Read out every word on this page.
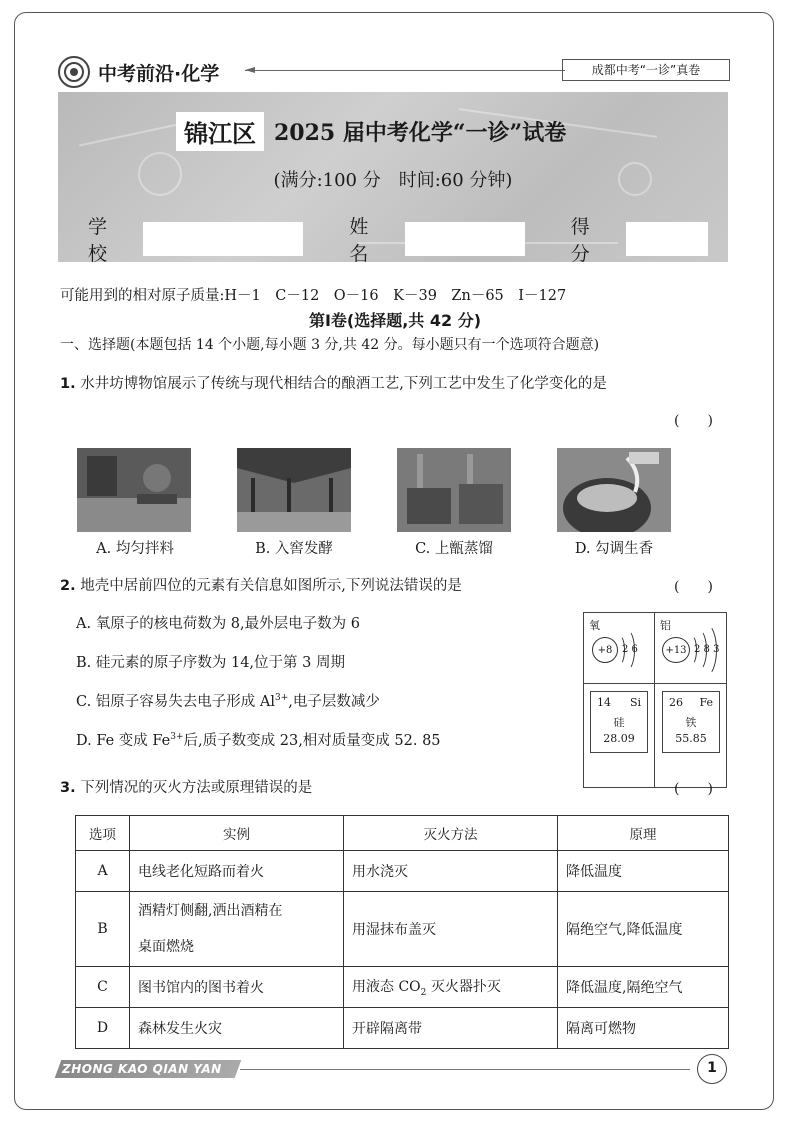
中考前沿·化学	成都中考“一诊”真卷
锦江区 2025 届中考化学“一诊”试卷
(满分:100 分　时间:60 分钟)
学校
姓名
得分
可能用到的相对原子质量:H－1　C－12　O－16　K－39　Zn－65　I－127
第Ⅰ卷(选择题,共 42 分)
一、选择题(本题包括 14 个小题,每小题 3 分,共 42 分。每小题只有一个选项符合题意)
1. 水井坊博物馆展示了传统与现代相结合的酿酒工艺,下列工艺中发生了化学变化的是
(　　)
A. 均匀拌料	B. 入窖发酵	C. 上甑蒸馏	D. 勾调生香
2. 地壳中居前四位的元素有关信息如图所示,下列说法错误的是	(　　)
A. 氧原子的核电荷数为 8,最外层电子数为 6
B. 硅元素的原子序数为 14,位于第 3 周期
C. 铝原子容易失去电子形成 $Al^{3+}$,电子层数减少
D. Fe 变成 $Fe^{3+}$后,质子数变成 23,相对质量变成 52. 85
氧
+8 2 6
铝
+13 2 8 3
14 Si
硅
28.09
26 Fe
铁
55.85
3. 下列情况的灭火方法或原理错误的是	(　　)
选项	实例	灭火方法	原理
A	电线老化短路而着火	用水浇灭	降低温度
B	酒精灯侧翻,洒出酒精在
桌面燃烧	用湿抹布盖灭	隔绝空气,降低温度
C	图书馆内的图书着火	用液态 $CO_2$ 灭火器扑灭	降低温度,隔绝空气
D	森林发生火灾	开辟隔离带	隔离可燃物
ZHONG KAO QIAN YAN	1
